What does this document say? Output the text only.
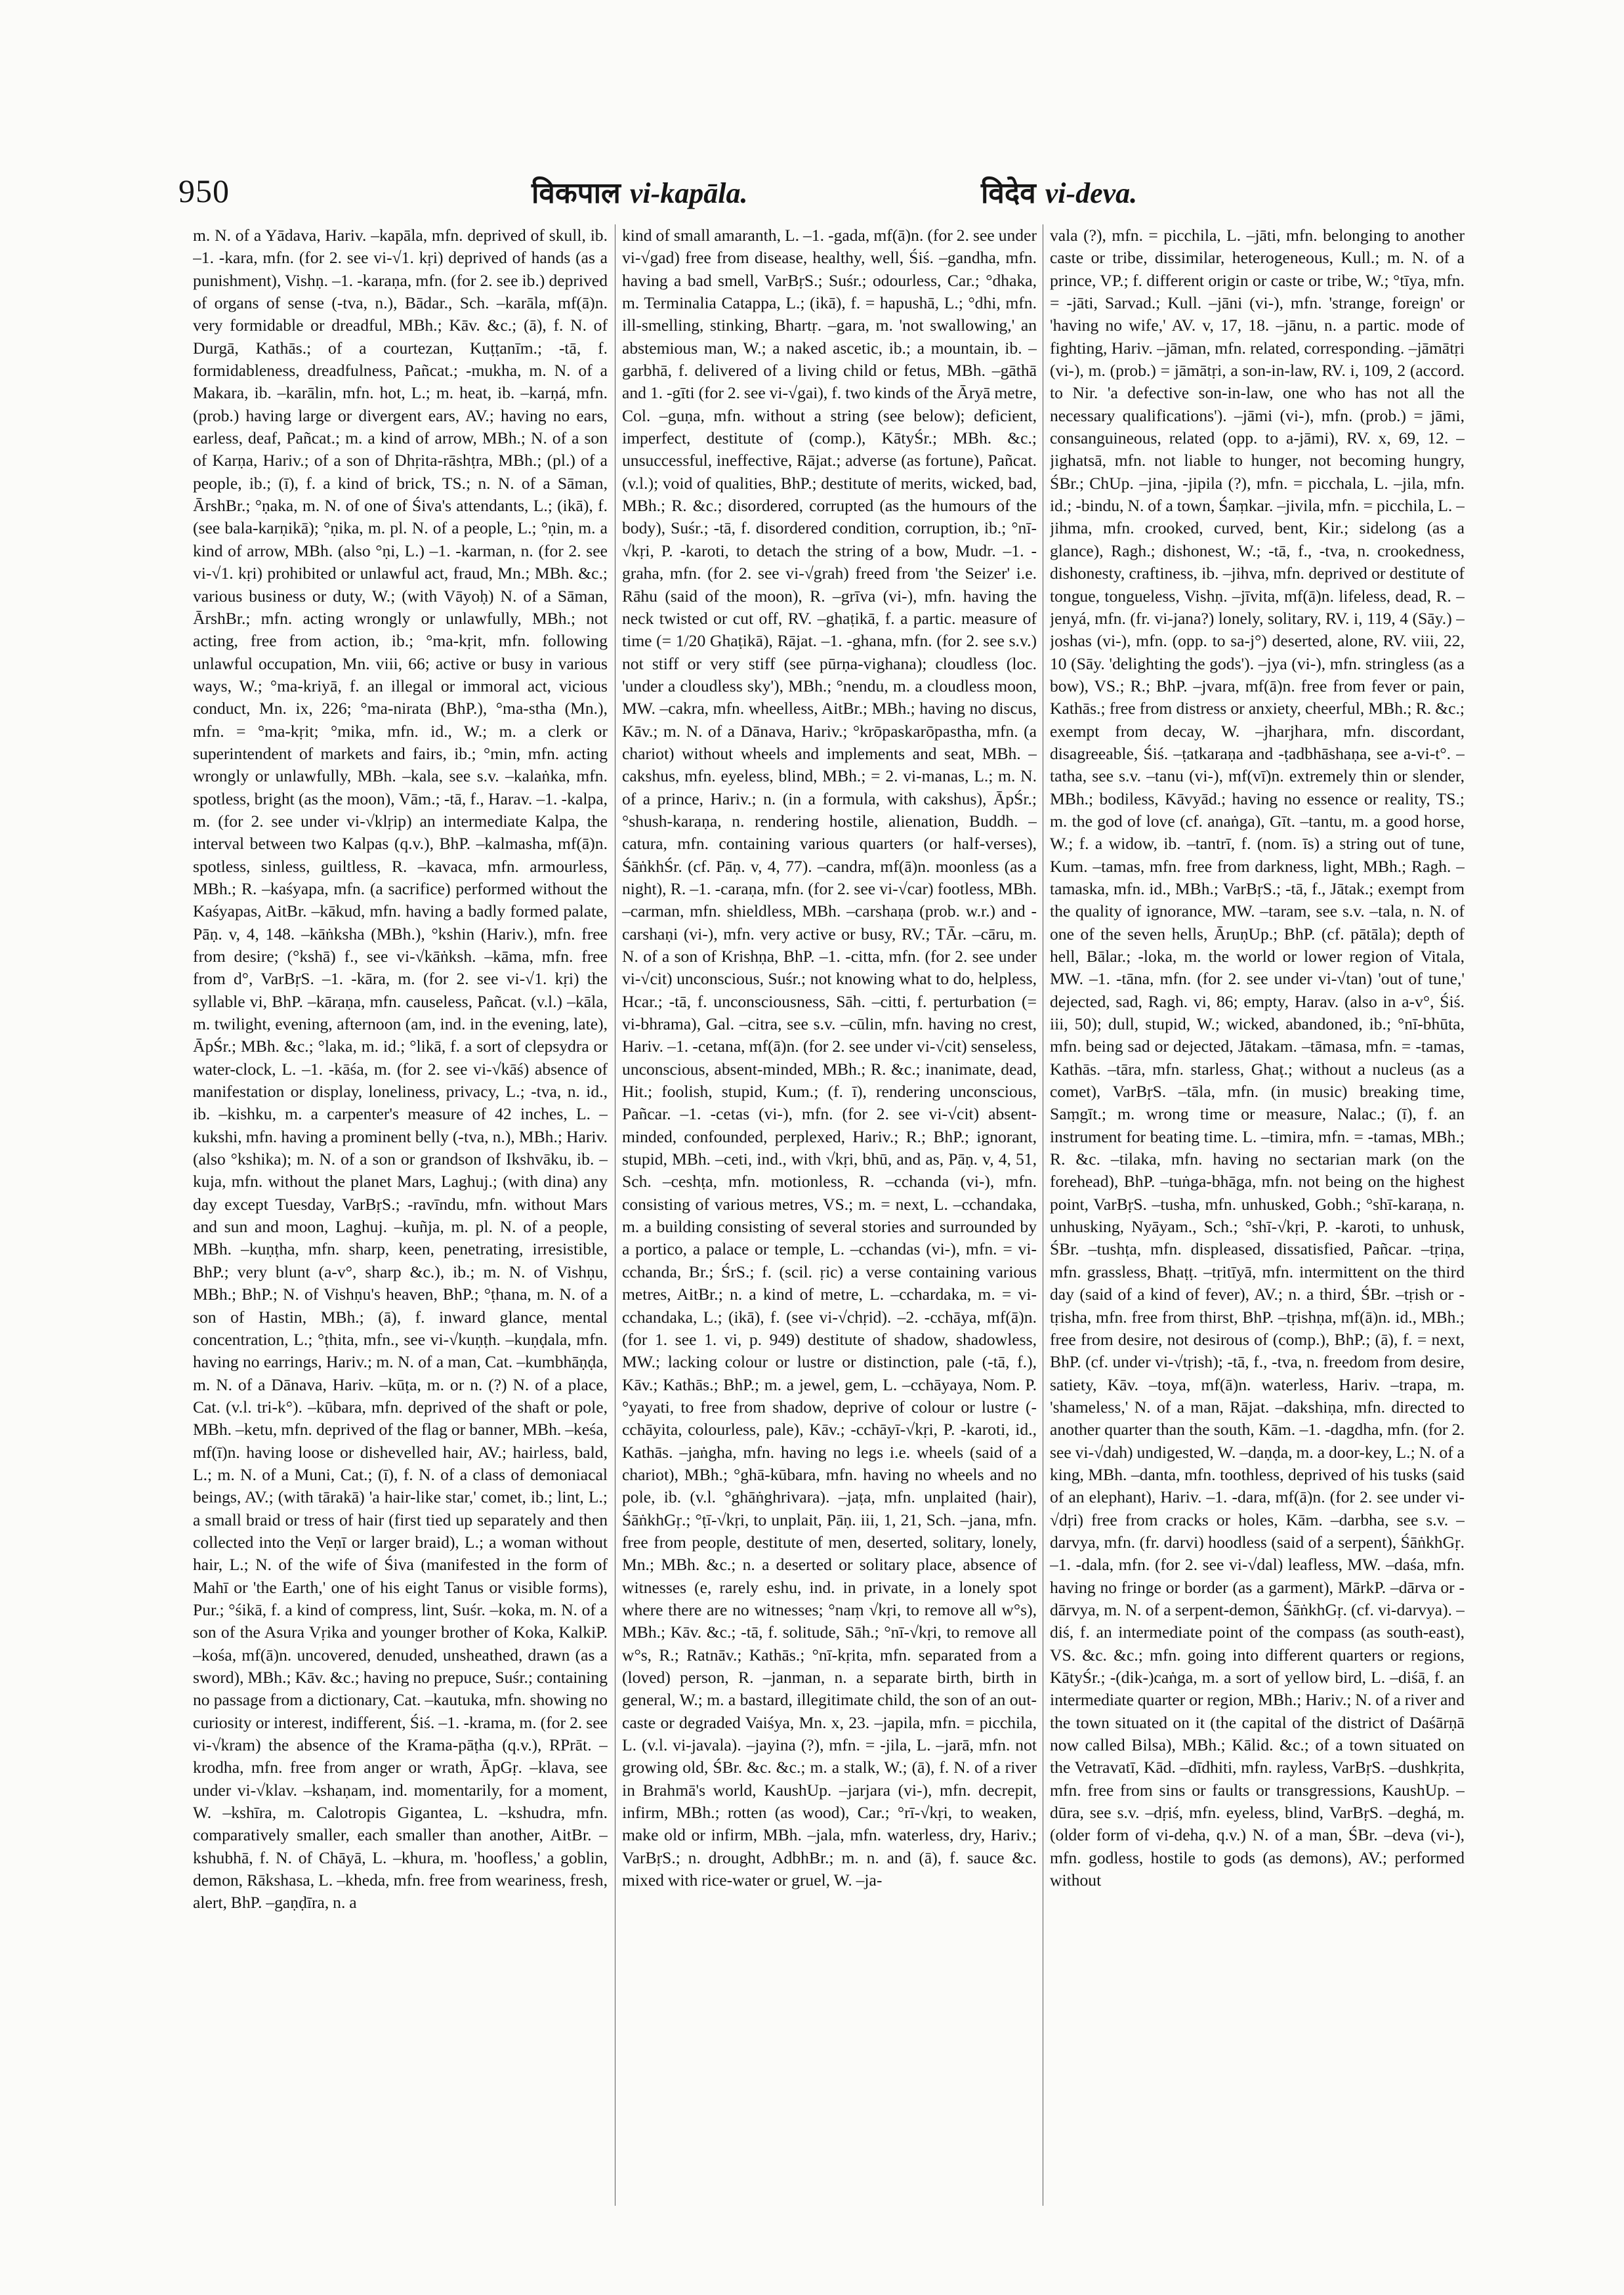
950	विकपाल vi-kapāla.	विदेव vi-deva.

m. N. of a Yādava, Hariv. –kapāla, mfn. deprived of skull, ib. –1. -kara, mfn. (for 2. see vi-√1. kṛi) deprived of hands (as a punishment), Vishṇ. –1. -karaṇa, mfn. (for 2. see ib.) deprived of organs of sense (-tva, n.), Bādar., Sch. –karāla, mf(ā)n. very formidable or dreadful, MBh.; Kāv. &c.; (ā), f. N. of Durgā, Kathās.; of a courtezan, Kuṭṭanīm.; -tā, f. formidableness, dreadfulness, Pañcat.; -mukha, m. N. of a Makara, ib. –karālin, mfn. hot, L.; m. heat, ib. –karṇá, mfn. (prob.) having large or divergent ears, AV.; having no ears, earless, deaf, Pañcat.; m. a kind of arrow, MBh.; N. of a son of Karṇa, Hariv.; of a son of Dhṛita-rāshṭra, MBh.; (pl.) of a people, ib.; (ī), f. a kind of brick, TS.; n. N. of a Sāman, ĀrshBr.; °ṇaka, m. N. of one of Śiva's attendants, L.; (ikā), f. (see bala-karṇikā); °ṇika, m. pl. N. of a people, L.; °ṇin, m. a kind of arrow, MBh. (also °ṇi, L.) –1. -karman, n. (for 2. see vi-√1. kṛi) prohibited or unlawful act, fraud, Mn.; MBh. &c.; various business or duty, W.; (with Vāyoḥ) N. of a Sāman, ĀrshBr.; mfn. acting wrongly or unlawfully, MBh.; not acting, free from action, ib.; °ma-kṛit, mfn. following unlawful occupation, Mn. viii, 66; active or busy in various ways, W.; °ma-kriyā, f. an illegal or immoral act, vicious conduct, Mn. ix, 226; °ma-nirata (BhP.), °ma-stha (Mn.), mfn. = °ma-kṛit; °mika, mfn. id., W.; m. a clerk or superintendent of markets and fairs, ib.; °min, mfn. acting wrongly or unlawfully, MBh. –kala, see s.v. –kalaṅka, mfn. spotless, bright (as the moon), Vām.; -tā, f., Harav. –1. -kalpa, m. (for 2. see under vi-√klṛip) an intermediate Kalpa, the interval between two Kalpas (q.v.), BhP. –kalmasha, mf(ā)n. spotless, sinless, guiltless, R. –kavaca, mfn. armourless, MBh.; R. –kaśyapa, mfn. (a sacrifice) performed without the Kaśyapas, AitBr. –kākud, mfn. having a badly formed palate, Pāṇ. v, 4, 148. –kāṅksha (MBh.), °kshin (Hariv.), mfn. free from desire; (°kshā) f., see vi-√kāṅksh. –kāma, mfn. free from d°, VarBṛS. –1. -kāra, m. (for 2. see vi-√1. kṛi) the syllable vi, BhP. –kāraṇa, mfn. causeless, Pañcat. (v.l.) –kāla, m. twilight, evening, afternoon (am, ind. in the evening, late), ĀpŚr.; MBh. &c.; °laka, m. id.; °likā, f. a sort of clepsydra or water-clock, L. –1. -kāśa, m. (for 2. see vi-√kāś) absence of manifestation or display, loneliness, privacy, L.; -tva, n. id., ib. –kishku, m. a carpenter's measure of 42 inches, L. –kukshi, mfn. having a prominent belly (-tva, n.), MBh.; Hariv. (also °kshika); m. N. of a son or grandson of Ikshvāku, ib. –kuja, mfn. without the planet Mars, Laghuj.; (with dina) any day except Tuesday, VarBṛS.; -ravīndu, mfn. without Mars and sun and moon, Laghuj. –kuñja, m. pl. N. of a people, MBh. –kuṇṭha, mfn. sharp, keen, penetrating, irresistible, BhP.; very blunt (a-v°, sharp &c.), ib.; m. N. of Vishṇu, MBh.; BhP.; N. of Vishṇu's heaven, BhP.; °ṭhana, m. N. of a son of Hastin, MBh.; (ā), f. inward glance, mental concentration, L.; °ṭhita, mfn., see vi-√kuṇṭh. –kuṇḍala, mfn. having no earrings, Hariv.; m. N. of a man, Cat. –kumbhāṇḍa, m. N. of a Dānava, Hariv. –kūṭa, m. or n. (?) N. of a place, Cat. (v.l. tri-k°). –kūbara, mfn. deprived of the shaft or pole, MBh. –ketu, mfn. deprived of the flag or banner, MBh. –keśa, mf(ī)n. having loose or dishevelled hair, AV.; hairless, bald, L.; m. N. of a Muni, Cat.; (ī), f. N. of a class of demoniacal beings, AV.; (with tārakā) 'a hair-like star,' comet, ib.; lint, L.; a small braid or tress of hair (first tied up separately and then collected into the Veṇī or larger braid), L.; a woman without hair, L.; N. of the wife of Śiva (manifested in the form of Mahī or 'the Earth,' one of his eight Tanus or visible forms), Pur.; °śikā, f. a kind of compress, lint, Suśr. –koka, m. N. of a son of the Asura Vṛika and younger brother of Koka, KalkiP. –kośa, mf(ā)n. uncovered, denuded, unsheathed, drawn (as a sword), MBh.; Kāv. &c.; having no prepuce, Suśr.; containing no passage from a dictionary, Cat. –kautuka, mfn. showing no curiosity or interest, indifferent, Śiś. –1. -krama, m. (for 2. see vi-√kram) the absence of the Krama-pāṭha (q.v.), RPrāt. –krodha, mfn. free from anger or wrath, ĀpGṛ. –klava, see under vi-√klav. –kshaṇam, ind. momentarily, for a moment, W. –kshīra, m. Calotropis Gigantea, L. –kshudra, mfn. comparatively smaller, each smaller than another, AitBr. –kshubhā, f. N. of Chāyā, L. –khura, m. 'hoofless,' a goblin, demon, Rākshasa, L. –kheda, mfn. free from weariness, fresh, alert, BhP. –gaṇḍīra, n. a

kind of small amaranth, L. –1. -gada, mf(ā)n. (for 2. see under vi-√gad) free from disease, healthy, well, Śiś. –gandha, mfn. having a bad smell, VarBṛS.; Suśr.; odourless, Car.; °dhaka, m. Terminalia Catappa, L.; (ikā), f. = hapushā, L.; °dhi, mfn. ill-smelling, stinking, Bhartṛ. –gara, m. 'not swallowing,' an abstemious man, W.; a naked ascetic, ib.; a mountain, ib. –garbhā, f. delivered of a living child or fetus, MBh. –gāthā and 1. -gīti (for 2. see vi-√gai), f. two kinds of the Āryā metre, Col. –guṇa, mfn. without a string (see below); deficient, imperfect, destitute of (comp.), KātyŚr.; MBh. &c.; unsuccessful, ineffective, Rājat.; adverse (as fortune), Pañcat. (v.l.); void of qualities, BhP.; destitute of merits, wicked, bad, MBh.; R. &c.; disordered, corrupted (as the humours of the body), Suśr.; -tā, f. disordered condition, corruption, ib.; °nī-√kṛi, P. -karoti, to detach the string of a bow, Mudr. –1. -graha, mfn. (for 2. see vi-√grah) freed from 'the Seizer' i.e. Rāhu (said of the moon), R. –grīva (vi-), mfn. having the neck twisted or cut off, RV. –ghaṭikā, f. a partic. measure of time (= 1/20 Ghaṭikā), Rājat. –1. -ghana, mfn. (for 2. see s.v.) not stiff or very stiff (see pūrṇa-vighana); cloudless (loc. 'under a cloudless sky'), MBh.; °nendu, m. a cloudless moon, MW. –cakra, mfn. wheelless, AitBr.; MBh.; having no discus, Kāv.; m. N. of a Dānava, Hariv.; °krōpaskarōpastha, mfn. (a chariot) without wheels and implements and seat, MBh. –cakshus, mfn. eyeless, blind, MBh.; = 2. vi-manas, L.; m. N. of a prince, Hariv.; n. (in a formula, with cakshus), ĀpŚr.; °shush-karaṇa, n. rendering hostile, alienation, Buddh. –catura, mfn. containing various quarters (or half-verses), ŚāṅkhŚr. (cf. Pāṇ. v, 4, 77). –candra, mf(ā)n. moonless (as a night), R. –1. -caraṇa, mfn. (for 2. see vi-√car) footless, MBh. –carman, mfn. shieldless, MBh. –carshaṇa (prob. w.r.) and -carshaṇi (vi-), mfn. very active or busy, RV.; TĀr. –cāru, m. N. of a son of Krishṇa, BhP. –1. -citta, mfn. (for 2. see under vi-√cit) unconscious, Suśr.; not knowing what to do, helpless, Hcar.; -tā, f. unconsciousness, Sāh. –citti, f. perturbation (= vi-bhrama), Gal. –citra, see s.v. –cūlin, mfn. having no crest, Hariv. –1. -cetana, mf(ā)n. (for 2. see under vi-√cit) senseless, unconscious, absent-minded, MBh.; R. &c.; inanimate, dead, Hit.; foolish, stupid, Kum.; (f. ī), rendering unconscious, Pañcar. –1. -cetas (vi-), mfn. (for 2. see vi-√cit) absent-minded, confounded, perplexed, Hariv.; R.; BhP.; ignorant, stupid, MBh. –ceti, ind., with √kṛi, bhū, and as, Pāṇ. v, 4, 51, Sch. –ceshṭa, mfn. motionless, R. –cchanda (vi-), mfn. consisting of various metres, VS.; m. = next, L. –cchandaka, m. a building consisting of several stories and surrounded by a portico, a palace or temple, L. –cchandas (vi-), mfn. = vi-cchanda, Br.; ŚrS.; f. (scil. ṛic) a verse containing various metres, AitBr.; n. a kind of metre, L. –cchardaka, m. = vi-cchandaka, L.; (ikā), f. (see vi-√chṛid). –2. -cchāya, mf(ā)n. (for 1. see 1. vi, p. 949) destitute of shadow, shadowless, MW.; lacking colour or lustre or distinction, pale (-tā, f.), Kāv.; Kathās.; BhP.; m. a jewel, gem, L. –cchāyaya, Nom. P. °yayati, to free from shadow, deprive of colour or lustre (-cchāyita, colourless, pale), Kāv.; -cchāyī-√kṛi, P. -karoti, id., Kathās. –jaṅgha, mfn. having no legs i.e. wheels (said of a chariot), MBh.; °ghā-kūbara, mfn. having no wheels and no pole, ib. (v.l. °ghāṅghrivara). –jaṭa, mfn. unplaited (hair), ŚāṅkhGṛ.; °ṭī-√kṛi, to unplait, Pāṇ. iii, 1, 21, Sch. –jana, mfn. free from people, destitute of men, deserted, solitary, lonely, Mn.; MBh. &c.; n. a deserted or solitary place, absence of witnesses (e, rarely eshu, ind. in private, in a lonely spot where there are no witnesses; °naṃ √kṛi, to remove all w°s), MBh.; Kāv. &c.; -tā, f. solitude, Sāh.; °nī-√kṛi, to remove all w°s, R.; Ratnāv.; Kathās.; °nī-kṛita, mfn. separated from a (loved) person, R. –janman, n. a separate birth, birth in general, W.; m. a bastard, illegitimate child, the son of an out-caste or degraded Vaiśya, Mn. x, 23. –japila, mfn. = picchila, L. (v.l. vi-javala). –jayina (?), mfn. = -jila, L. –jarā, mfn. not growing old, ŚBr. &c. &c.; m. a stalk, W.; (ā), f. N. of a river in Brahmā's world, KaushUp. –jarjara (vi-), mfn. decrepit, infirm, MBh.; rotten (as wood), Car.; °rī-√kṛi, to weaken, make old or infirm, MBh. –jala, mfn. waterless, dry, Hariv.; VarBṛS.; n. drought, AdbhBr.; m. n. and (ā), f. sauce &c. mixed with rice-water or gruel, W. –ja-

vala (?), mfn. = picchila, L. –jāti, mfn. belonging to another caste or tribe, dissimilar, heterogeneous, Kull.; m. N. of a prince, VP.; f. different origin or caste or tribe, W.; °tīya, mfn. = -jāti, Sarvad.; Kull. –jāni (vi-), mfn. 'strange, foreign' or 'having no wife,' AV. v, 17, 18. –jānu, n. a partic. mode of fighting, Hariv. –jāman, mfn. related, corresponding. –jāmātṛi (vi-), m. (prob.) = jāmātṛi, a son-in-law, RV. i, 109, 2 (accord. to Nir. 'a defective son-in-law, one who has not all the necessary qualifications'). –jāmi (vi-), mfn. (prob.) = jāmi, consanguineous, related (opp. to a-jāmi), RV. x, 69, 12. –jighatsā, mfn. not liable to hunger, not becoming hungry, ŚBr.; ChUp. –jina, -jipila (?), mfn. = picchala, L. –jila, mfn. id.; -bindu, N. of a town, Śaṃkar. –jivila, mfn. = picchila, L. –jihma, mfn. crooked, curved, bent, Kir.; sidelong (as a glance), Ragh.; dishonest, W.; -tā, f., -tva, n. crookedness, dishonesty, craftiness, ib. –jihva, mfn. deprived or destitute of tongue, tongueless, Vishṇ. –jīvita, mf(ā)n. lifeless, dead, R. –jenyá, mfn. (fr. vi-jana?) lonely, solitary, RV. i, 119, 4 (Sāy.) –joshas (vi-), mfn. (opp. to sa-j°) deserted, alone, RV. viii, 22, 10 (Sāy. 'delighting the gods'). –jya (vi-), mfn. stringless (as a bow), VS.; R.; BhP. –jvara, mf(ā)n. free from fever or pain, Kathās.; free from distress or anxiety, cheerful, MBh.; R. &c.; exempt from decay, W. –jharjhara, mfn. discordant, disagreeable, Śiś. –ṭatkaraṇa and -ṭadbhāshaṇa, see a-vi-t°. –tatha, see s.v. –tanu (vi-), mf(vī)n. extremely thin or slender, MBh.; bodiless, Kāvyād.; having no essence or reality, TS.; m. the god of love (cf. anaṅga), Gīt. –tantu, m. a good horse, W.; f. a widow, ib. –tantrī, f. (nom. īs) a string out of tune, Kum. –tamas, mfn. free from darkness, light, MBh.; Ragh. –tamaska, mfn. id., MBh.; VarBṛS.; -tā, f., Jātak.; exempt from the quality of ignorance, MW. –taram, see s.v. –tala, n. N. of one of the seven hells, ĀruṇUp.; BhP. (cf. pātāla); depth of hell, Bālar.; -loka, m. the world or lower region of Vitala, MW. –1. -tāna, mfn. (for 2. see under vi-√tan) 'out of tune,' dejected, sad, Ragh. vi, 86; empty, Harav. (also in a-v°, Śiś. iii, 50); dull, stupid, W.; wicked, abandoned, ib.; °nī-bhūta, mfn. being sad or dejected, Jātakam. –tāmasa, mfn. = -tamas, Kathās. –tāra, mfn. starless, Ghaṭ.; without a nucleus (as a comet), VarBṛS. –tāla, mfn. (in music) breaking time, Saṃgīt.; m. wrong time or measure, Nalac.; (ī), f. an instrument for beating time. L. –timira, mfn. = -tamas, MBh.; R. &c. –tilaka, mfn. having no sectarian mark (on the forehead), BhP. –tuṅga-bhāga, mfn. not being on the highest point, VarBṛS. –tusha, mfn. unhusked, Gobh.; °shī-karaṇa, n. unhusking, Nyāyam., Sch.; °shī-√kṛi, P. -karoti, to unhusk, ŚBr. –tushṭa, mfn. displeased, dissatisfied, Pañcar. –tṛiṇa, mfn. grassless, Bhaṭṭ. –tṛitīyā, mfn. intermittent on the third day (said of a kind of fever), AV.; n. a third, ŚBr. –tṛish or -tṛisha, mfn. free from thirst, BhP. –tṛishṇa, mf(ā)n. id., MBh.; free from desire, not desirous of (comp.), BhP.; (ā), f. = next, BhP. (cf. under vi-√tṛish); -tā, f., -tva, n. freedom from desire, satiety, Kāv. –toya, mf(ā)n. waterless, Hariv. –trapa, m. 'shameless,' N. of a man, Rājat. –dakshiṇa, mfn. directed to another quarter than the south, Kām. –1. -dagdha, mfn. (for 2. see vi-√dah) undigested, W. –daṇḍa, m. a door-key, L.; N. of a king, MBh. –danta, mfn. toothless, deprived of his tusks (said of an elephant), Hariv. –1. -dara, mf(ā)n. (for 2. see under vi-√dṛi) free from cracks or holes, Kām. –darbha, see s.v. –darvya, mfn. (fr. darvi) hoodless (said of a serpent), ŚāṅkhGṛ. –1. -dala, mfn. (for 2. see vi-√dal) leafless, MW. –daśa, mfn. having no fringe or border (as a garment), MārkP. –dārva or -dārvya, m. N. of a serpent-demon, ŚāṅkhGṛ. (cf. vi-darvya). –diś, f. an intermediate point of the compass (as south-east), VS. &c. &c.; mfn. going into different quarters or regions, KātyŚr.; -(dik-)caṅga, m. a sort of yellow bird, L. –diśā, f. an intermediate quarter or region, MBh.; Hariv.; N. of a river and the town situated on it (the capital of the district of Daśārṇā now called Bilsa), MBh.; Kālid. &c.; of a town situated on the Vetravatī, Kād. –dīdhiti, mfn. rayless, VarBṛS. –dushkṛita, mfn. free from sins or faults or transgressions, KaushUp. –dūra, see s.v. –dṛiś, mfn. eyeless, blind, VarBṛS. –deghá, m. (older form of vi-deha, q.v.) N. of a man, ŚBr. –deva (vi-), mfn. godless, hostile to gods (as demons), AV.; performed without
